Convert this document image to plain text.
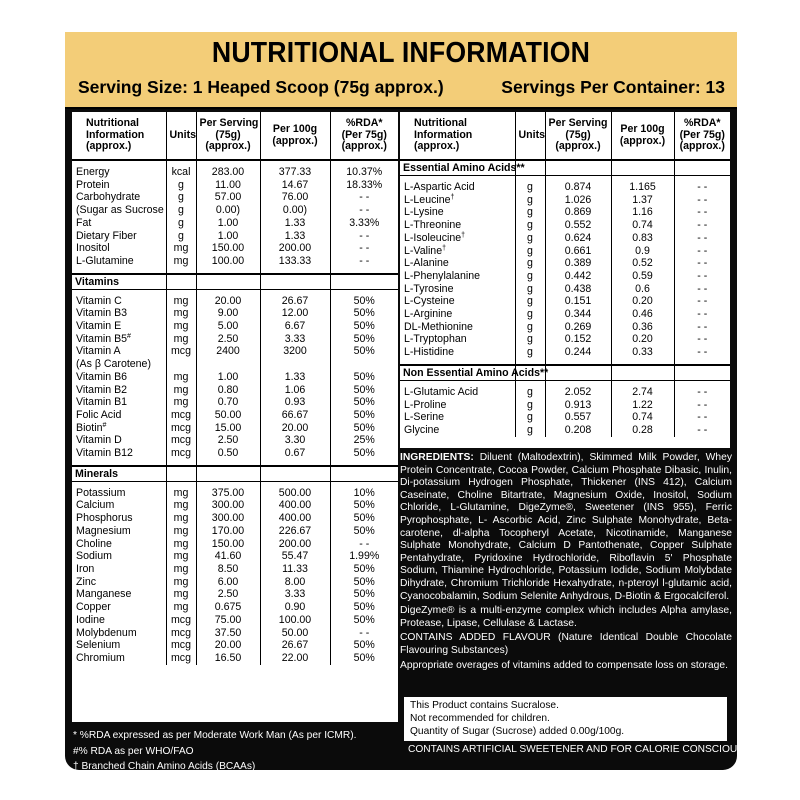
NUTRITIONAL INFORMATION
Serving Size: 1 Heaped Scoop (75g approx.)	Servings Per Container: 13
Nutritional
Information
(approx.)	Units	Per Serving
(75g)
(approx.)	Per 100g
(approx.)	%RDA*
(Per 75g)
(approx.)

Energy	kcal	283.00	377.33	10.37%
Protein	g	11.00	14.67	18.33%
Carbohydrate	g	57.00	76.00	- -
(Sugar as Sucrose	g	0.00)	0.00)	- -
Fat	g	1.00	1.33	3.33%
Dietary Fiber	g	1.00	1.33	- -
Inositol	mg	150.00	200.00	- -
L-Glutamine	mg	100.00	133.33	- -

Vitamins				

Vitamin C	mg	20.00	26.67	50%
Vitamin B3	mg	9.00	12.00	50%
Vitamin E	mg	5.00	6.67	50%
Vitamin B5#	mg	2.50	3.33	50%
Vitamin A	mcg	2400	3200	50%
(As β Carotene)				
Vitamin B6	mg	1.00	1.33	50%
Vitamin B2	mg	0.80	1.06	50%
Vitamin B1	mg	0.70	0.93	50%
Folic Acid	mcg	50.00	66.67	50%
Biotin#	mcg	15.00	20.00	50%
Vitamin D	mcg	2.50	3.30	25%
Vitamin B12	mcg	0.50	0.67	50%

Minerals				

Potassium	mg	375.00	500.00	10%
Calcium	mg	300.00	400.00	50%
Phosphorus	mg	300.00	400.00	50%
Magnesium	mg	170.00	226.67	50%
Choline	mg	150.00	200.00	- -
Sodium	mg	41.60	55.47	1.99%
Iron	mg	8.50	11.33	50%
Zinc	mg	6.00	8.00	50%
Manganese	mg	2.50	3.33	50%
Copper	mg	0.675	0.90	50%
Iodine	mcg	75.00	100.00	50%
Molybdenum	mcg	37.50	50.00	- -
Selenium	mcg	20.00	26.67	50%
Chromium	mcg	16.50	22.00	50%
Nutritional
Information
(approx.)	Units	Per Serving
(75g)
(approx.)	Per 100g
(approx.)	%RDA*
(Per 75g)
(approx.)
Essential Amino Acids**				

L-Aspartic Acid	g	0.874	1.165	- -
L-Leucine†	g	1.026	1.37	- -
L-Lysine	g	0.869	1.16	- -
L-Threonine	g	0.552	0.74	- -
L-Isoleucine†	g	0.624	0.83	- -
L-Valine†	g	0.661	0.9	- -
L-Alanine	g	0.389	0.52	- -
L-Phenylalanine	g	0.442	0.59	- -
L-Tyrosine	g	0.438	0.6	- -
L-Cysteine	g	0.151	0.20	- -
L-Arginine	g	0.344	0.46	- -
DL-Methionine	g	0.269	0.36	- -
L-Tryptophan	g	0.152	0.20	- -
L-Histidine	g	0.244	0.33	- -

Non Essential Amino Acids**				

L-Glutamic Acid	g	2.052	2.74	- -
L-Proline	g	0.913	1.22	- -
L-Serine	g	0.557	0.74	- -
Glycine	g	0.208	0.28	- -

INGREDIENTS: Diluent (Maltodextrin), Skimmed Milk Powder, Whey Protein Concentrate, Cocoa Powder, Calcium Phosphate Dibasic, Inulin, Di-potassium Hydrogen Phosphate, Thickener (INS 412), Calcium Caseinate, Choline Bitartrate, Magnesium Oxide, Inositol, Sodium Chloride, L-Glutamine, DigeZyme®, Sweetener (INS 955), Ferric Pyrophosphate, L- Ascorbic Acid, Zinc Sulphate Monohydrate, Beta-carotene, dl-alpha Tocopheryl Acetate, Nicotinamide, Manganese Sulphate Monohydrate, Calcium D Pantothenate, Copper Sulphate Pentahydrate, Pyridoxine Hydrochloride, Riboflavin 5' Phosphate Sodium, Thiamine Hydrochloride, Potassium Iodide, Sodium Molybdate Dihydrate, Chromium Trichloride Hexahydrate, n-pteroyl l-glutamic acid, Cyanocobalamin, Sodium Selenite Anhydrous, D-Biotin & Ergocalciferol.

DigeZyme® is a multi-enzyme complex which includes Alpha amylase, Protease, Lipase, Cellulase & Lactase.

CONTAINS ADDED FLAVOUR (Nature Identical Double Chocolate Flavouring Substances)

Appropriate overages of vitamins added to compensate loss on storage.

This Product contains Sucralose.
Not recommended for children.
Quantity of Sugar (Sucrose) added 0.00g/100g.
CONTAINS ARTIFICIAL SWEETENER AND FOR CALORIE CONSCIOUS
* %RDA expressed as per Moderate Work Man (As per ICMR).
#% RDA as per WHO/FAO
† Branched Chain Amino Acids (BCAAs)
** Amino Acid Profile is based on Protein
